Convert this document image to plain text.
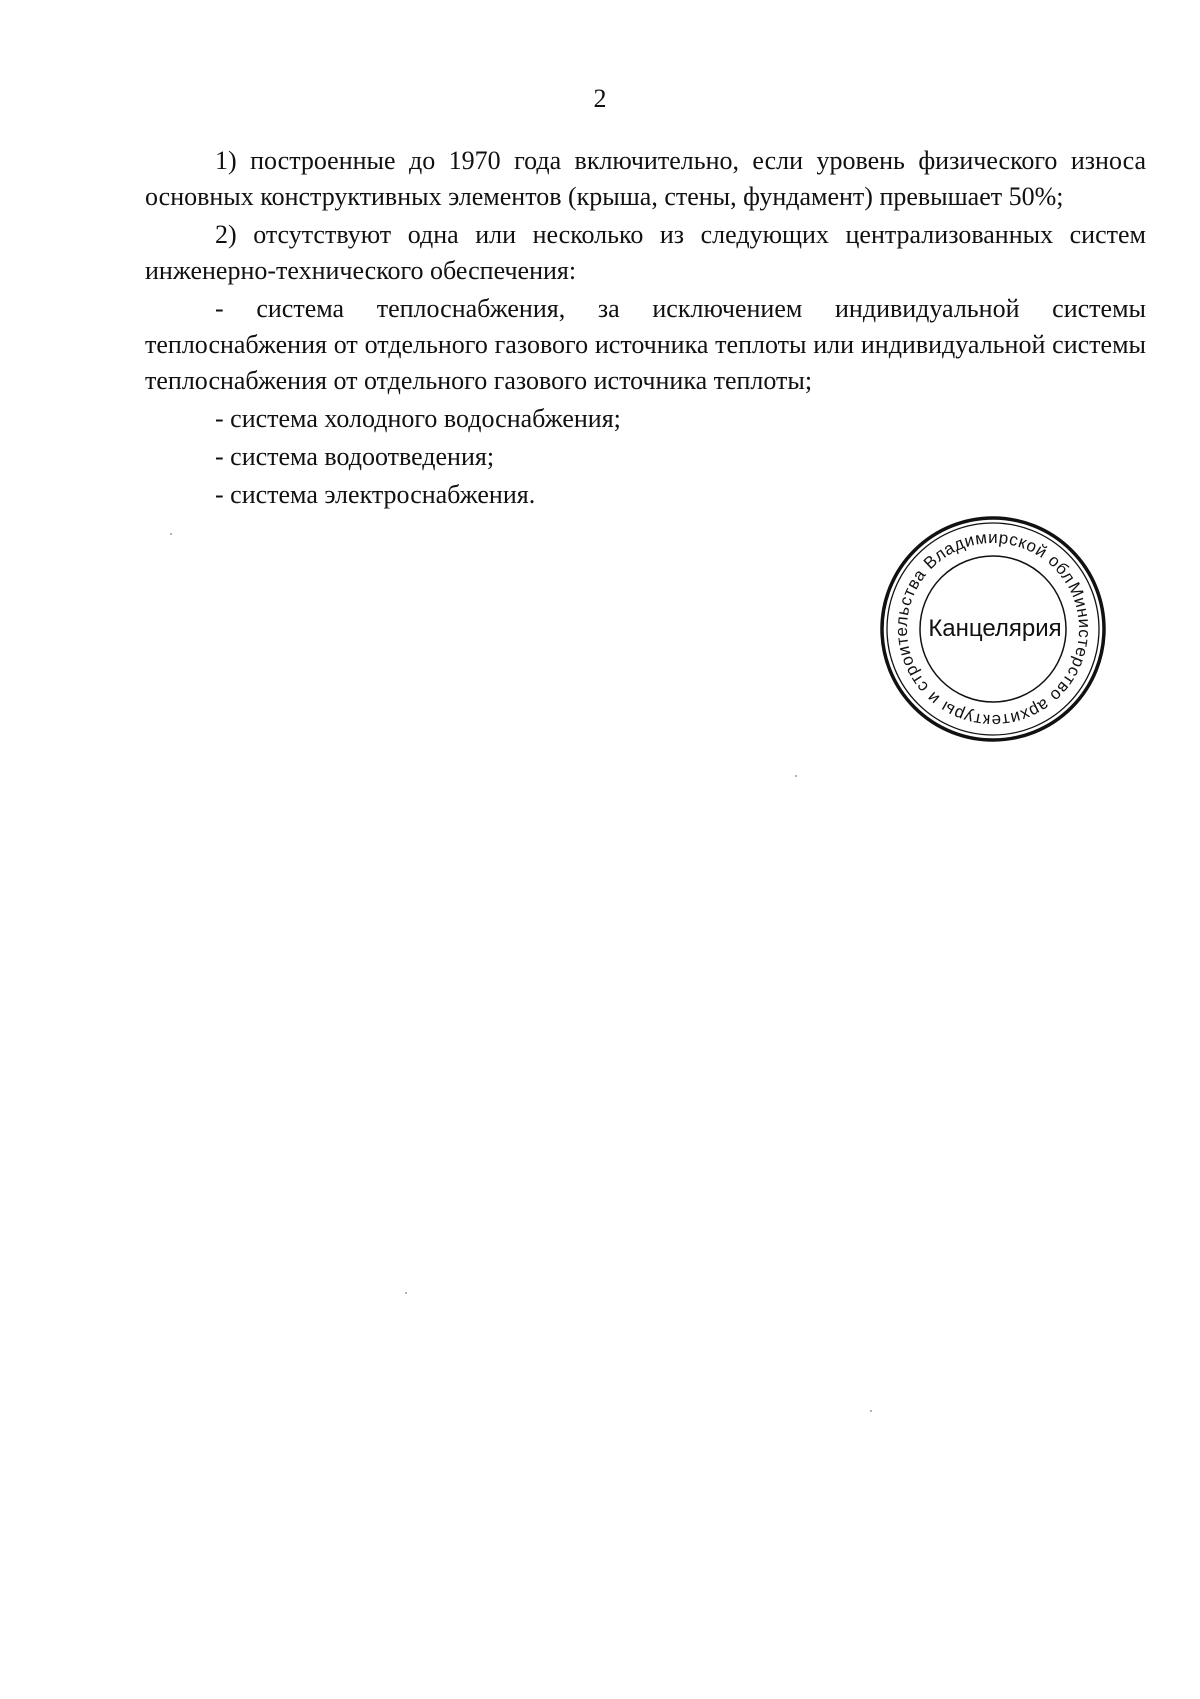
2

1) построенные до 1970 года включительно, если уровень физического износа основных конструктивных элементов (крыша, стены, фундамент) превышает 50%;

2) отсутствуют одна или несколько из следующих централизованных систем инженерно-технического обеспечения:

- система теплоснабжения, за исключением индивидуальной системы теплоснабжения от отдельного газового источника теплоты или индивидуальной системы теплоснабжения от отдельного газового источника теплоты;

- система холодного водоснабжения;

- система водоотведения;

- система электроснабжения.

Министерство архитектуры и строительства Владимирской области
Канцелярия
